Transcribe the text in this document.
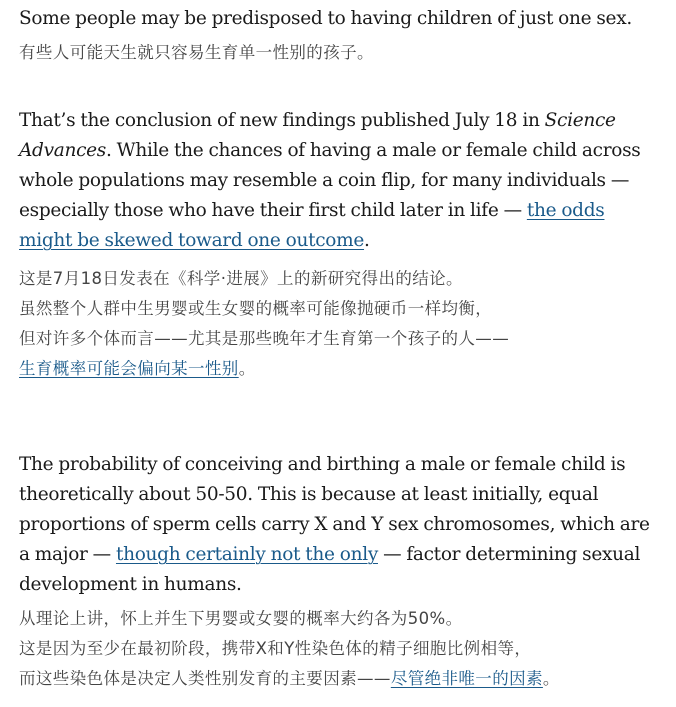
Some people may be predisposed to having children of just one sex.

有些人可能天生就只容易生育单一性别的孩子。

That’s the conclusion of new findings published July 18 in Science Advances. While the chances of having a male or female child across whole populations may resemble a coin flip, for many individuals — especially those who have their first child later in life — the odds might be skewed toward one outcome.

这是7月18日发表在《科学·进展》上的新研究得出的结论。
虽然整个人群中生男婴或生女婴的概率可能像抛硬币一样均衡，
但对许多个体而言——尤其是那些晚年才生育第一个孩子的人——
生育概率可能会偏向某一性别。

The probability of conceiving and birthing a male or female child is theoretically about 50-50. This is because at least initially, equal proportions of sperm cells carry X and Y sex chromosomes, which are a major — though certainly not the only — factor determining sexual development in humans.

从理论上讲，怀上并生下男婴或女婴的概率大约各为50%。
这是因为至少在最初阶段，携带X和Y性染色体的精子细胞比例相等，
而这些染色体是决定人类性别发育的主要因素——尽管绝非唯一的因素。
